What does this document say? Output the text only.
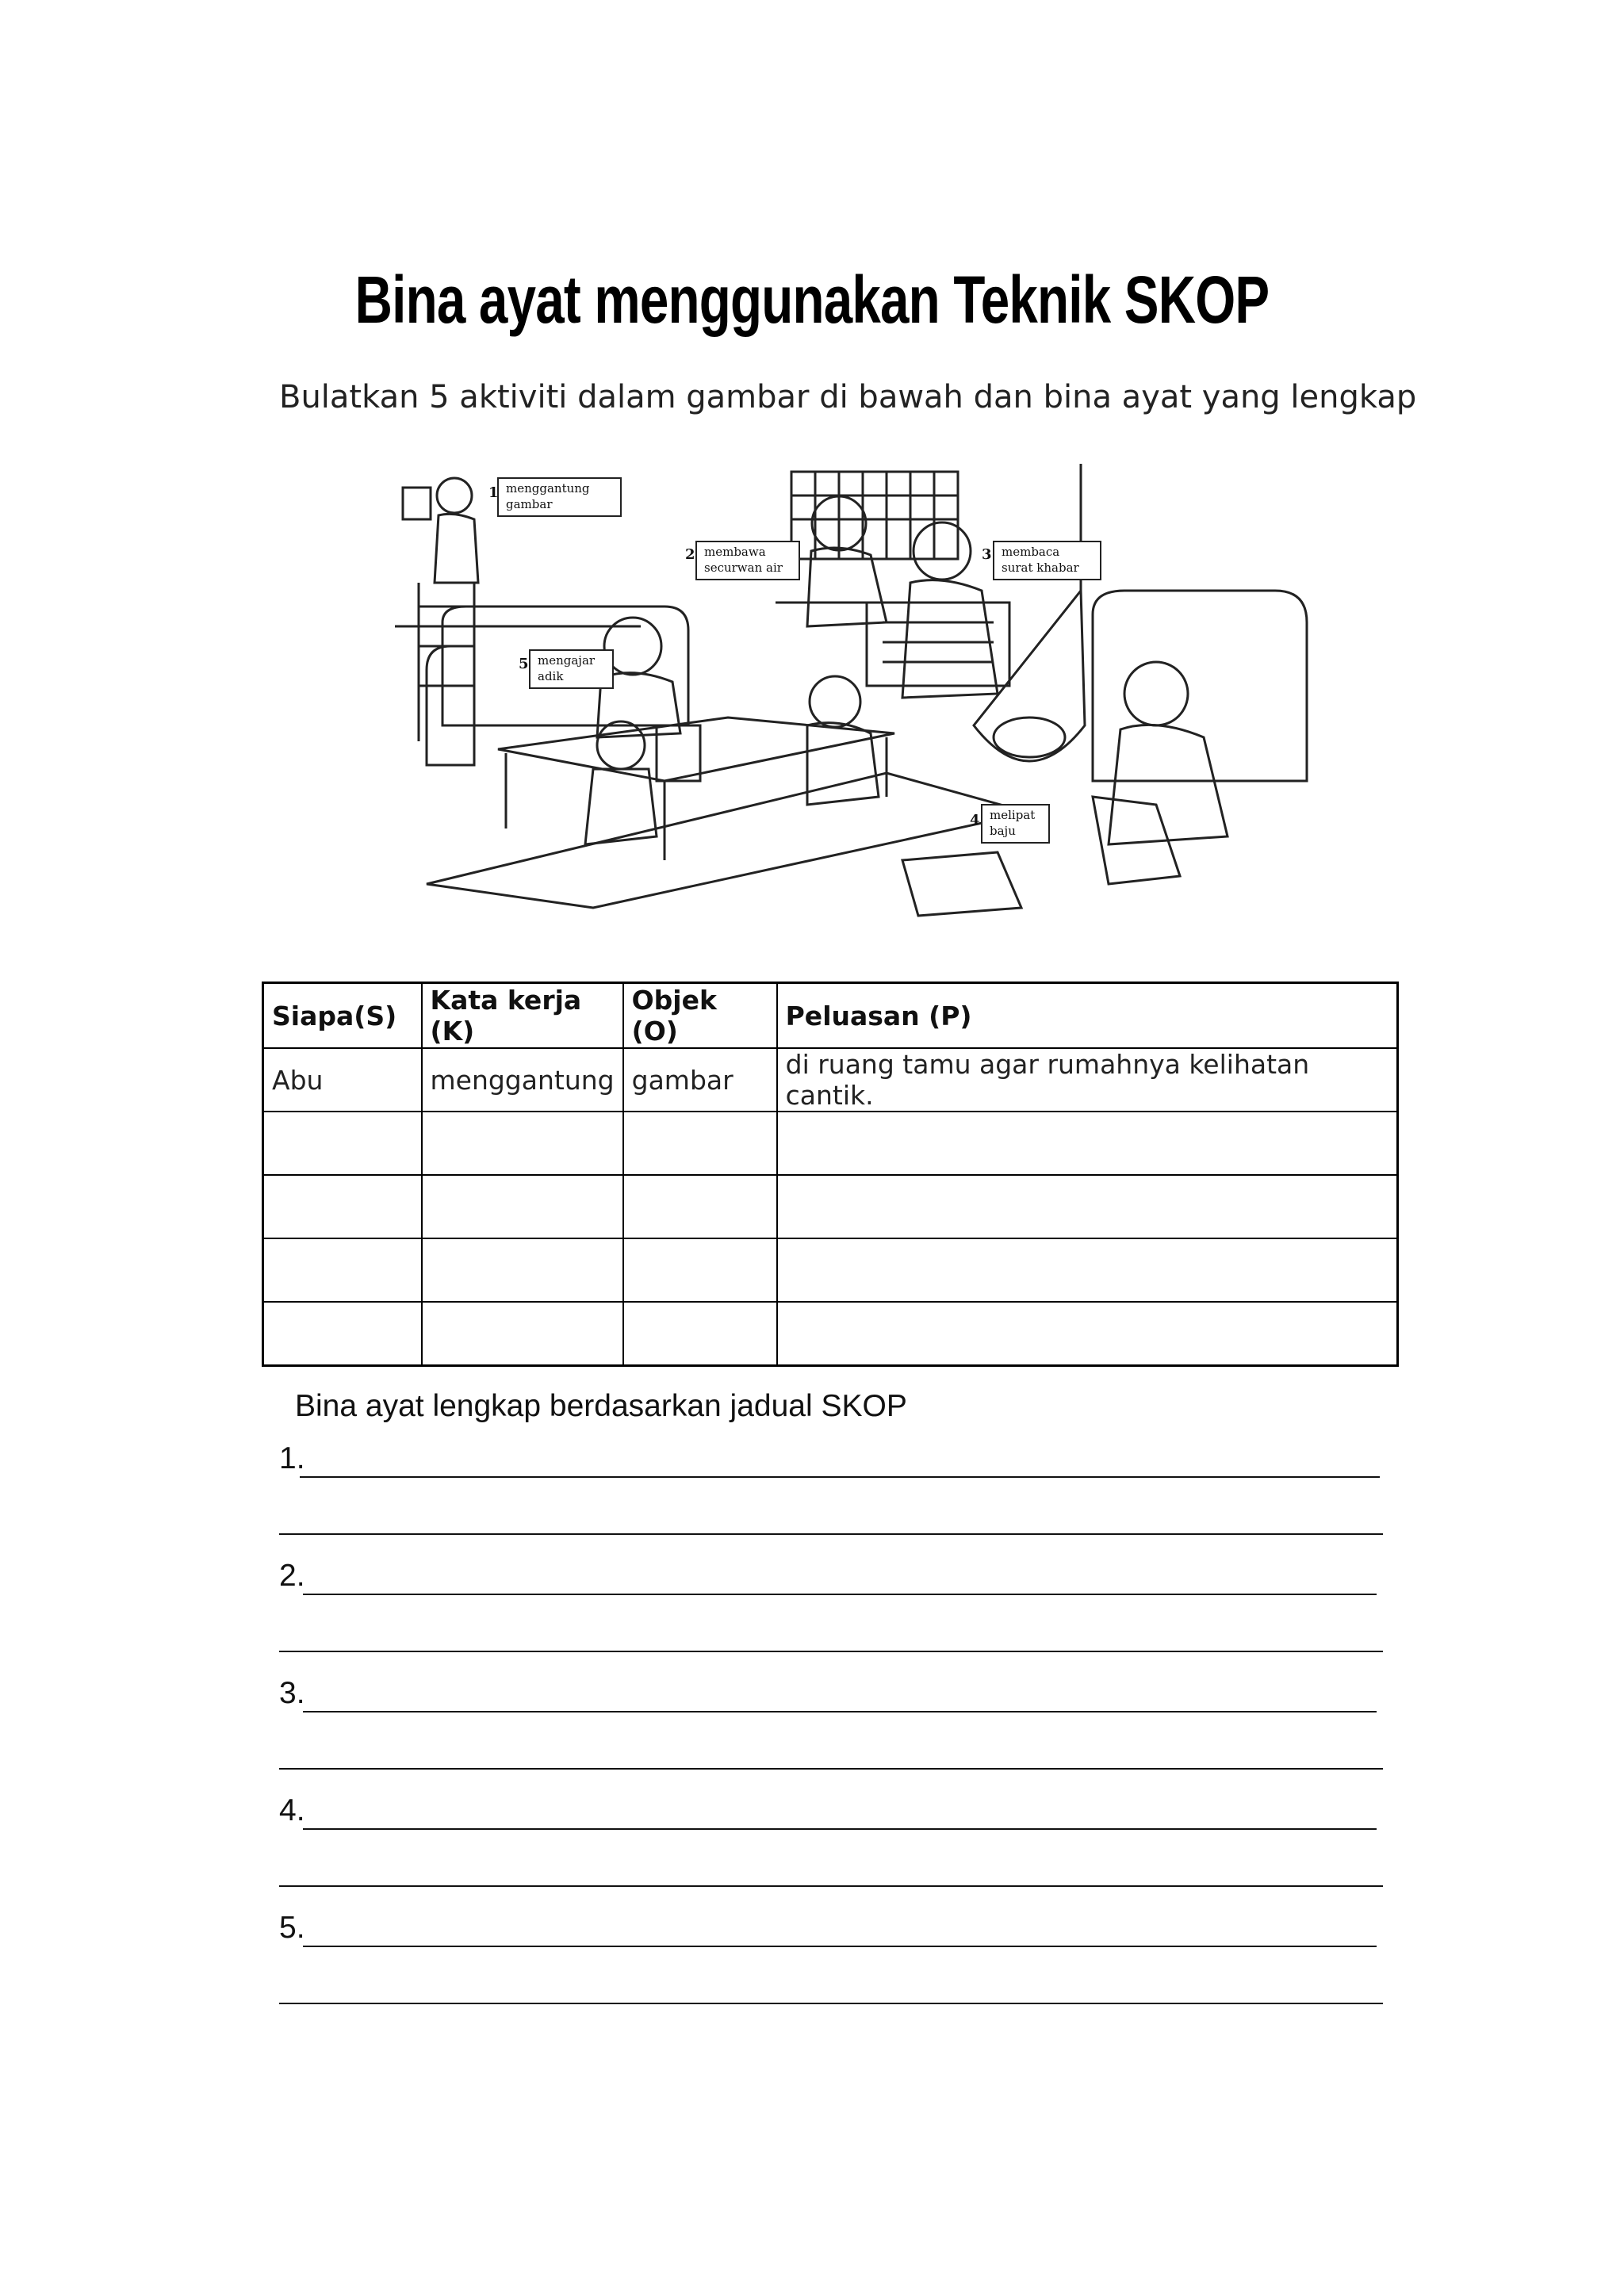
Bina ayat menggunakan Teknik SKOP
Bulatkan 5 aktiviti dalam gambar di bawah dan bina ayat yang lengkap
1 menggantung
gambar
2 membawa
securwan air
3 membaca
surat khabar
4 melipat
baju
5 mengajar
adik
Siapa(S)	Kata kerja (K)	Objek (O)	Peluasan (P)
Abu	menggantung	gambar	di ruang tamu agar rumahnya kelihatan cantik.

Bina ayat lengkap berdasarkan jadual SKOP
1.
2.
3.
4.
5.
